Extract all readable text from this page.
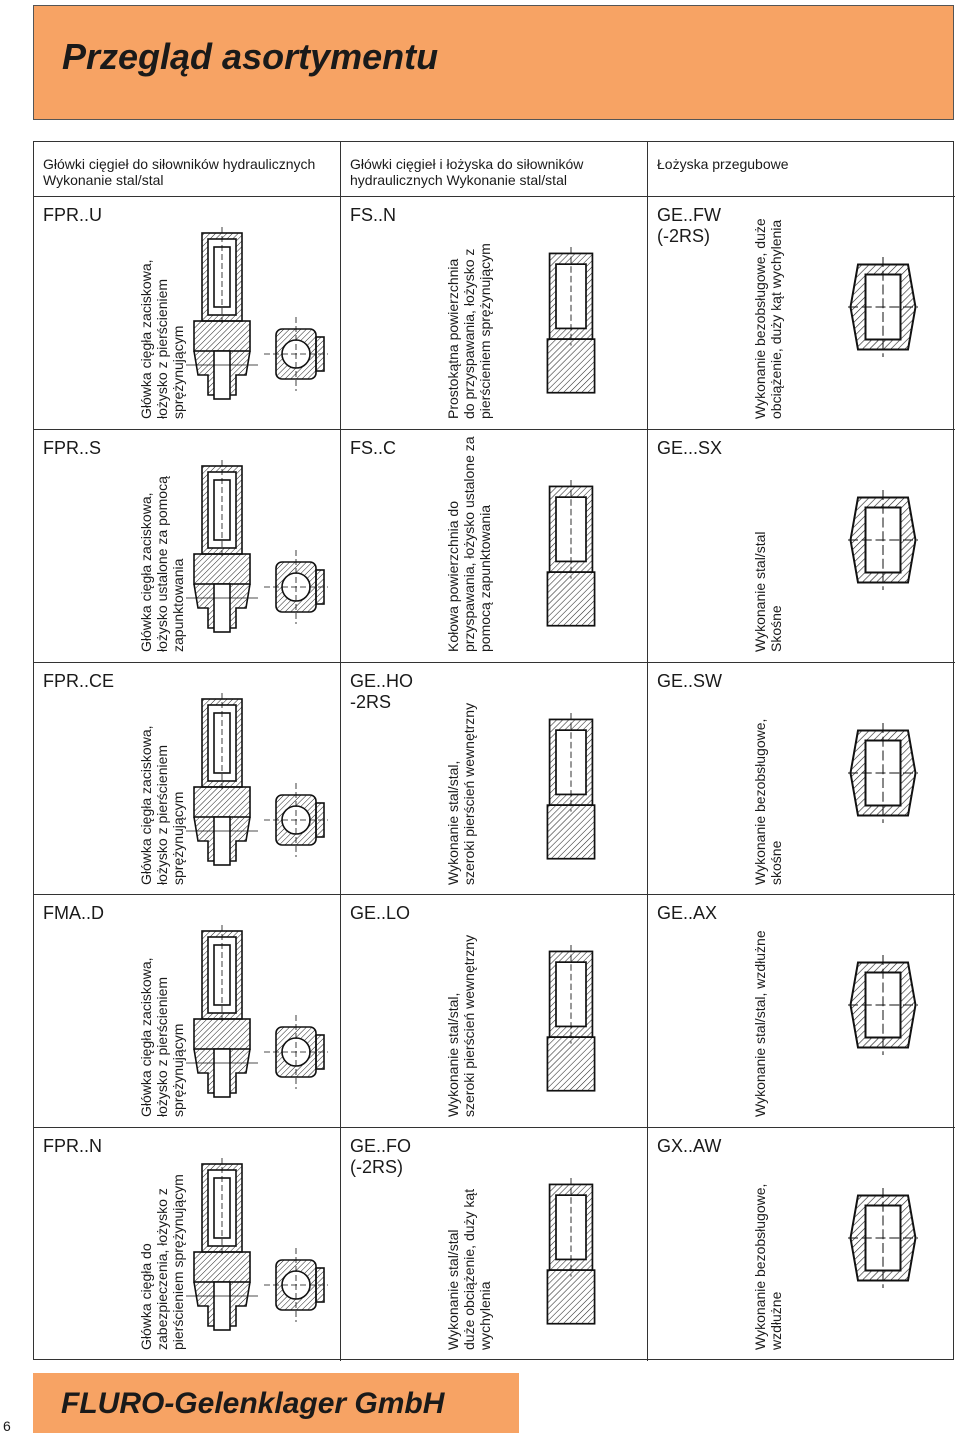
Przegląd asortymentu
Główki cięgieł do siłowników hydraulicznych
Wykonanie stal/stal
Główki cięgieł i łożyska do siłowników
hydraulicznych Wykonanie stal/stal
Łożyska przegubowe
FPR..U
Główka cięgła zaciskowa, łożysko z pierścieniem sprężynującym
FS..N
Prostokątna powierzchnia do przyspawania, łożysko z pierścieniem sprężynującym
GE..FW
(-2RS)	Wykonanie bezobsługowe, duże obciążenie, duży kąt wychylenia
FPR..S
Główka cięgła zaciskowa, łożysko ustalone za pomocą zapunktowania
FS..C
Kołowa powierzchnia do przyspawania, łożysko ustalone za pomocą zapunktowania
GE...SX
Wykonanie stal/stal Skośne
FPR..CE
Główka cięgła zaciskowa, łożysko z pierścieniem sprężynującym
GE..HO
-2RS
Wykonanie stal/stal, szeroki pierścień wewnętrzny
GE..SW
Wykonanie bezobsługowe, skośne
FMA..D
Główka cięgła zaciskowa, łożysko z pierścieniem sprężynującym
GE..LO
Wykonanie stal/stal, szeroki pierścień wewnętrzny
GE..AX
Wykonanie stal/stal, wzdłużne
FPR..N
Główka cięgła do zabezpieczenia, łożysko z pierścieniem sprężynującym
GE..FO
(-2RS)
Wykonanie stal/stal duże obciążenie, duży kąt wychylenia
GX..AW
Wykonanie bezobsługowe, wzdłużne
FLURO-Gelenklager GmbH
6
